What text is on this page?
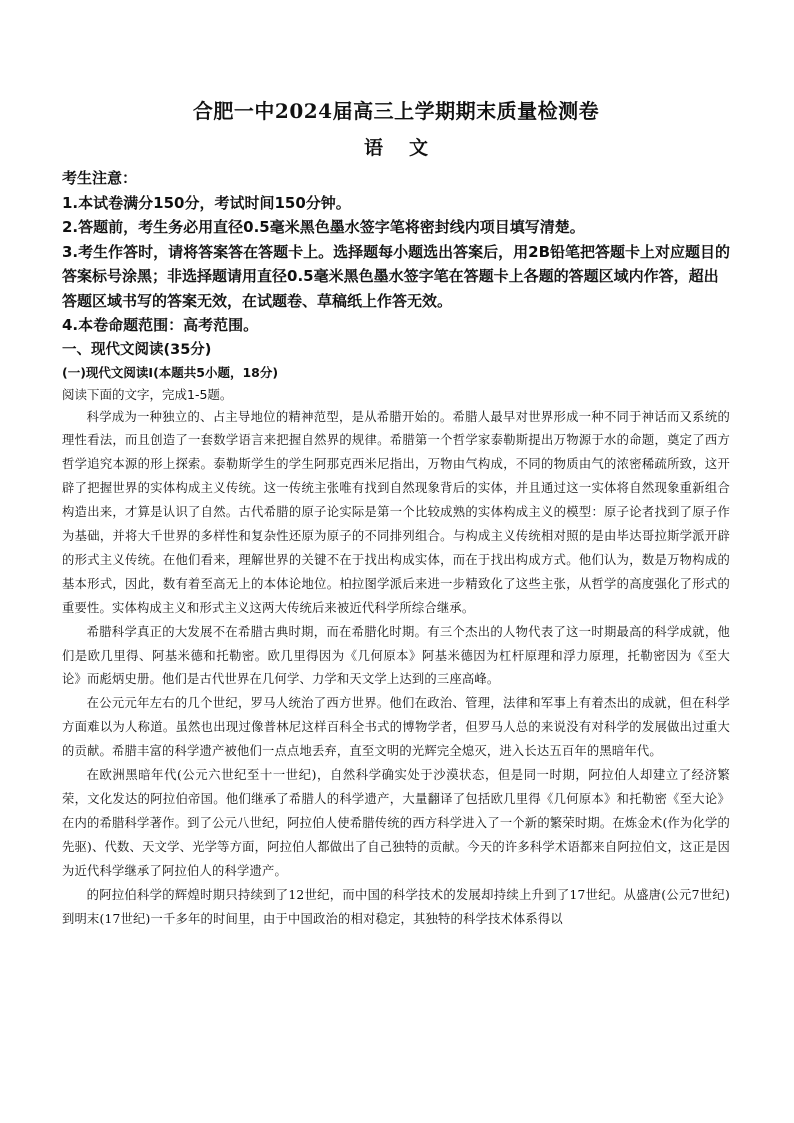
合肥一中2024届高三上学期期末质量检测卷
语 文

考生注意：

1.本试卷满分150分，考试时间150分钟。

2.答题前，考生务必用直径0.5毫米黑色墨水签字笔将密封线内项目填写清楚。

3.考生作答时，请将答案答在答题卡上。选择题每小题选出答案后，用2B铅笔把答题卡上对应题目的答案标号涂黑；非选择题请用直径0.5毫米黑色墨水签字笔在答题卡上各题的答题区域内作答，超出答题区域书写的答案无效，在试题卷、草稿纸上作答无效。

4.本卷命题范围：高考范围。

一、现代文阅读(35分)

(一)现代文阅读I(本题共5小题，18分)

阅读下面的文字，完成1-5题。

科学成为一种独立的、占主导地位的精神范型，是从希腊开始的。希腊人最早对世界形成一种不同于神话而又系统的理性看法，而且创造了一套数学语言来把握自然界的规律。希腊第一个哲学家泰勒斯提出万物源于水的命题，奠定了西方哲学追究本源的形上探索。泰勒斯学生的学生阿那克西米尼指出，万物由气构成，不同的物质由气的浓密稀疏所致，这开辟了把握世界的实体构成主义传统。这一传统主张唯有找到自然现象背后的实体，并且通过这一实体将自然现象重新组合构造出来，才算是认识了自然。古代希腊的原子论实际是第一个比较成熟的实体构成主义的模型：原子论者找到了原子作为基础，并将大千世界的多样性和复杂性还原为原子的不同排列组合。与构成主义传统相对照的是由毕达哥拉斯学派开辟的形式主义传统。在他们看来，理解世界的关键不在于找出构成实体，而在于找出构成方式。他们认为，数是万物构成的基本形式，因此，数有着至高无上的本体论地位。柏拉图学派后来进一步精致化了这些主张，从哲学的高度强化了形式的重要性。实体构成主义和形式主义这两大传统后来被近代科学所综合继承。

希腊科学真正的大发展不在希腊古典时期，而在希腊化时期。有三个杰出的人物代表了这一时期最高的科学成就，他们是欧几里得、阿基米德和托勒密。欧几里得因为《几何原本》阿基米德因为杠杆原理和浮力原理，托勒密因为《至大论》而彪炳史册。他们是古代世界在几何学、力学和天文学上达到的三座高峰。

在公元元年左右的几个世纪，罗马人统治了西方世界。他们在政治、管理，法律和军事上有着杰出的成就，但在科学方面难以为人称道。虽然也出现过像普林尼这样百科全书式的博物学者，但罗马人总的来说没有对科学的发展做出过重大的贡献。希腊丰富的科学遗产被他们一点点地丢弃，直至文明的光辉完全熄灭，进入长达五百年的黑暗年代。

在欧洲黑暗年代(公元六世纪至十一世纪)，自然科学确实处于沙漠状态，但是同一时期，阿拉伯人却建立了经济繁荣，文化发达的阿拉伯帝国。他们继承了希腊人的科学遗产，大量翻译了包括欧几里得《几何原本》和托勒密《至大论》在内的希腊科学著作。到了公元八世纪，阿拉伯人使希腊传统的西方科学进入了一个新的繁荣时期。在炼金术(作为化学的先驱)、代数、天文学、光学等方面，阿拉伯人都做出了自己独特的贡献。今天的许多科学术语都来自阿拉伯文，这正是因为近代科学继承了阿拉伯人的科学遗产。

的阿拉伯科学的辉煌时期只持续到了12世纪，而中国的科学技术的发展却持续上升到了17世纪。从盛唐(公元7世纪)到明末(17世纪)一千多年的时间里，由于中国政治的相对稳定，其独特的科学技术体系得以
